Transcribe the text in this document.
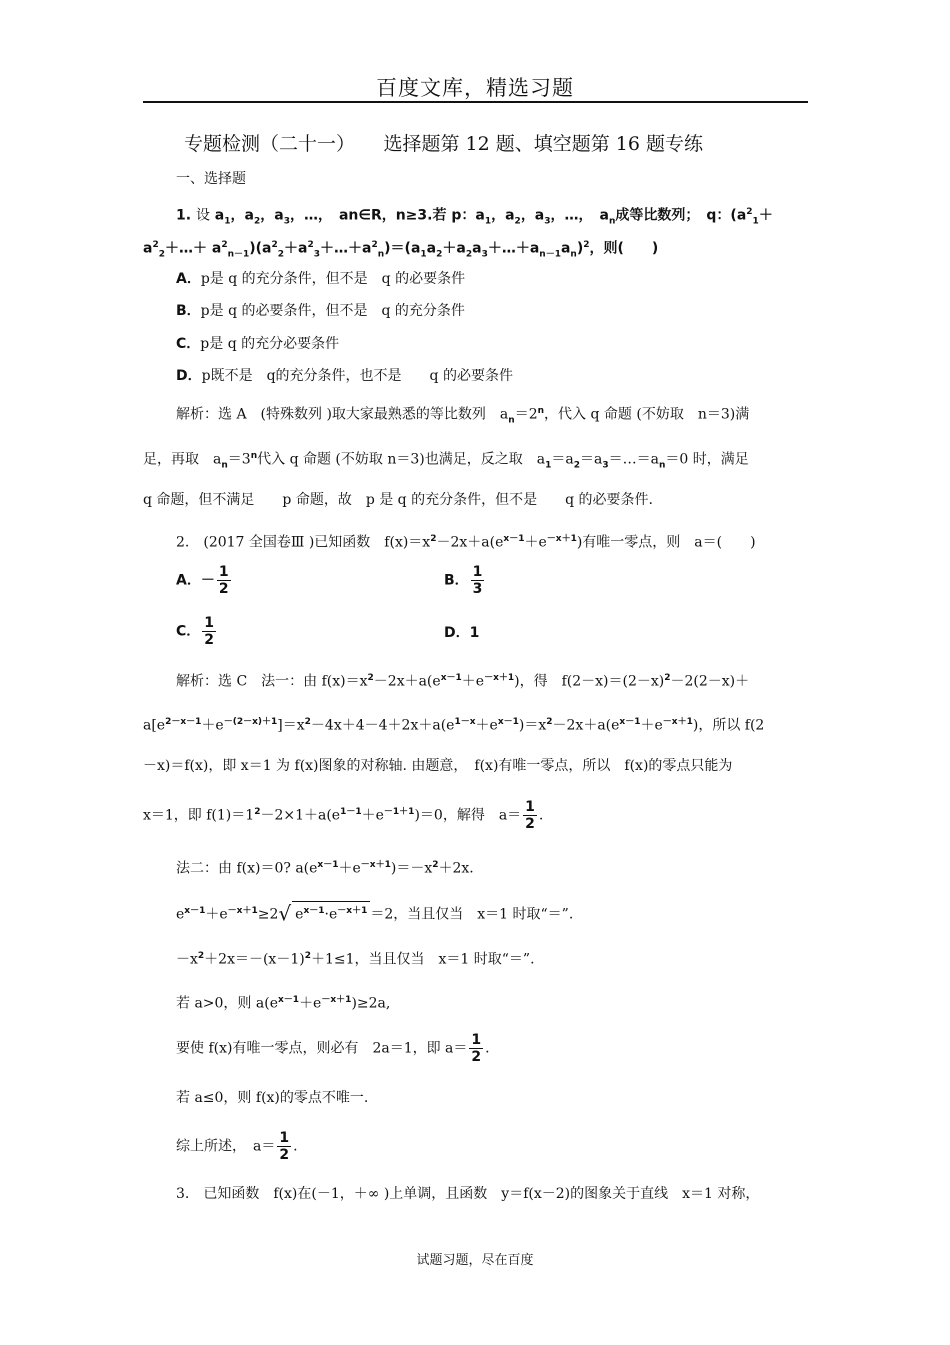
百度文库，精选习题
专题检测（二十一）　　选择题第 12 题、填空题第 16 题专练
一、选择题
1. 设 $a_1$，$a_2$，$a_3$，…，　an∈R，n≥3.若 p：$a_1$，$a_2$，$a_3$，…，　$a_n$成等比数列；　q：($a^2_1+$
$a^2_2+\dots+$ $a^2_{n-1})(a^2_2+a^2_3+\dots+a^2_n)=(a_1a_2+a_2a_3+\dots+a_{n-1}a_n)^2$，则(　　)
A．p是 q 的充分条件，但不是　q 的必要条件
B．p是 q 的必要条件，但不是　q 的充分条件
C．p是 q 的充分必要条件
D．p既不是　q的充分条件，也不是　　q 的必要条件
解析：选 A　(特殊数列 )取大家最熟悉的等比数列　$a_n=2^n$，代入 q 命题 (不妨取　n＝3)满
足，再取　$a_n=3^n$代入 q 命题 (不妨取 n＝3)也满足，反之取　$a_1=a_2=a_3=\dots=a_n=0$ 时，满足
q 命题，但不满足　　p 命题，故　p 是 q 的充分条件，但不是　　q 的必要条件.
2.　(2017 全国卷Ⅲ )已知函数　$f(x)=x^2-2x+a(e^{x-1}+e^{-x+1})$有唯一零点，则　a＝(　　)
A．－ $\frac{1}{2}$	B． $\frac{1}{3}$
C． $\frac{1}{2}$	D．1
解析：选 C　法一：由 $f(x)=x^2-2x+a(e^{x-1}+e^{-x+1})$，得　$f(2-x)=(2-x)^2-2(2-x)+$
$a[e^{2-x-1}+e^{-(2-x)+1}]=x^2-4x+4-4+2x+a(e^{1-x}+e^{x-1})=x^2-2x+a(e^{x-1}+e^{-x+1})$，所以 f(2
－x)＝f(x)，即 x＝1 为 f(x)图象的对称轴. 由题意，　f(x)有唯一零点，所以　f(x)的零点只能为
x＝1，即 $f(1)=1^2-2\times 1+a(e^{1-1}+e^{-1+1})=0$，解得　$a= \frac{1}{2}$ .
法二：由 f(x)＝0? $a(e^{x-1}+e^{-x+1})=-x^2+2x$.
$e^{x-1}+e^{-x+1}\ge 2√$ $e^{x-1}\cdot e^{-x+1} =2$，当且仅当　x＝1 时取“＝”.
$-x^2+2x=-(x-1)^2+1\le 1$，当且仅当　x＝1 时取“＝”.
若 a>0，则 $a(e^{x-1}+e^{-x+1})\ge 2a$,
要使 f(x)有唯一零点，则必有　2a＝1，即 $a= \frac{1}{2}$ .
若 a≤0，则 f(x)的零点不唯一.
综上所述，　$a= \frac{1}{2}$ .
3.　已知函数　f(x)在(－1，＋∞ )上单调，且函数　y＝f(x－2)的图象关于直线　x＝1 对称，
试题习题，尽在百度
